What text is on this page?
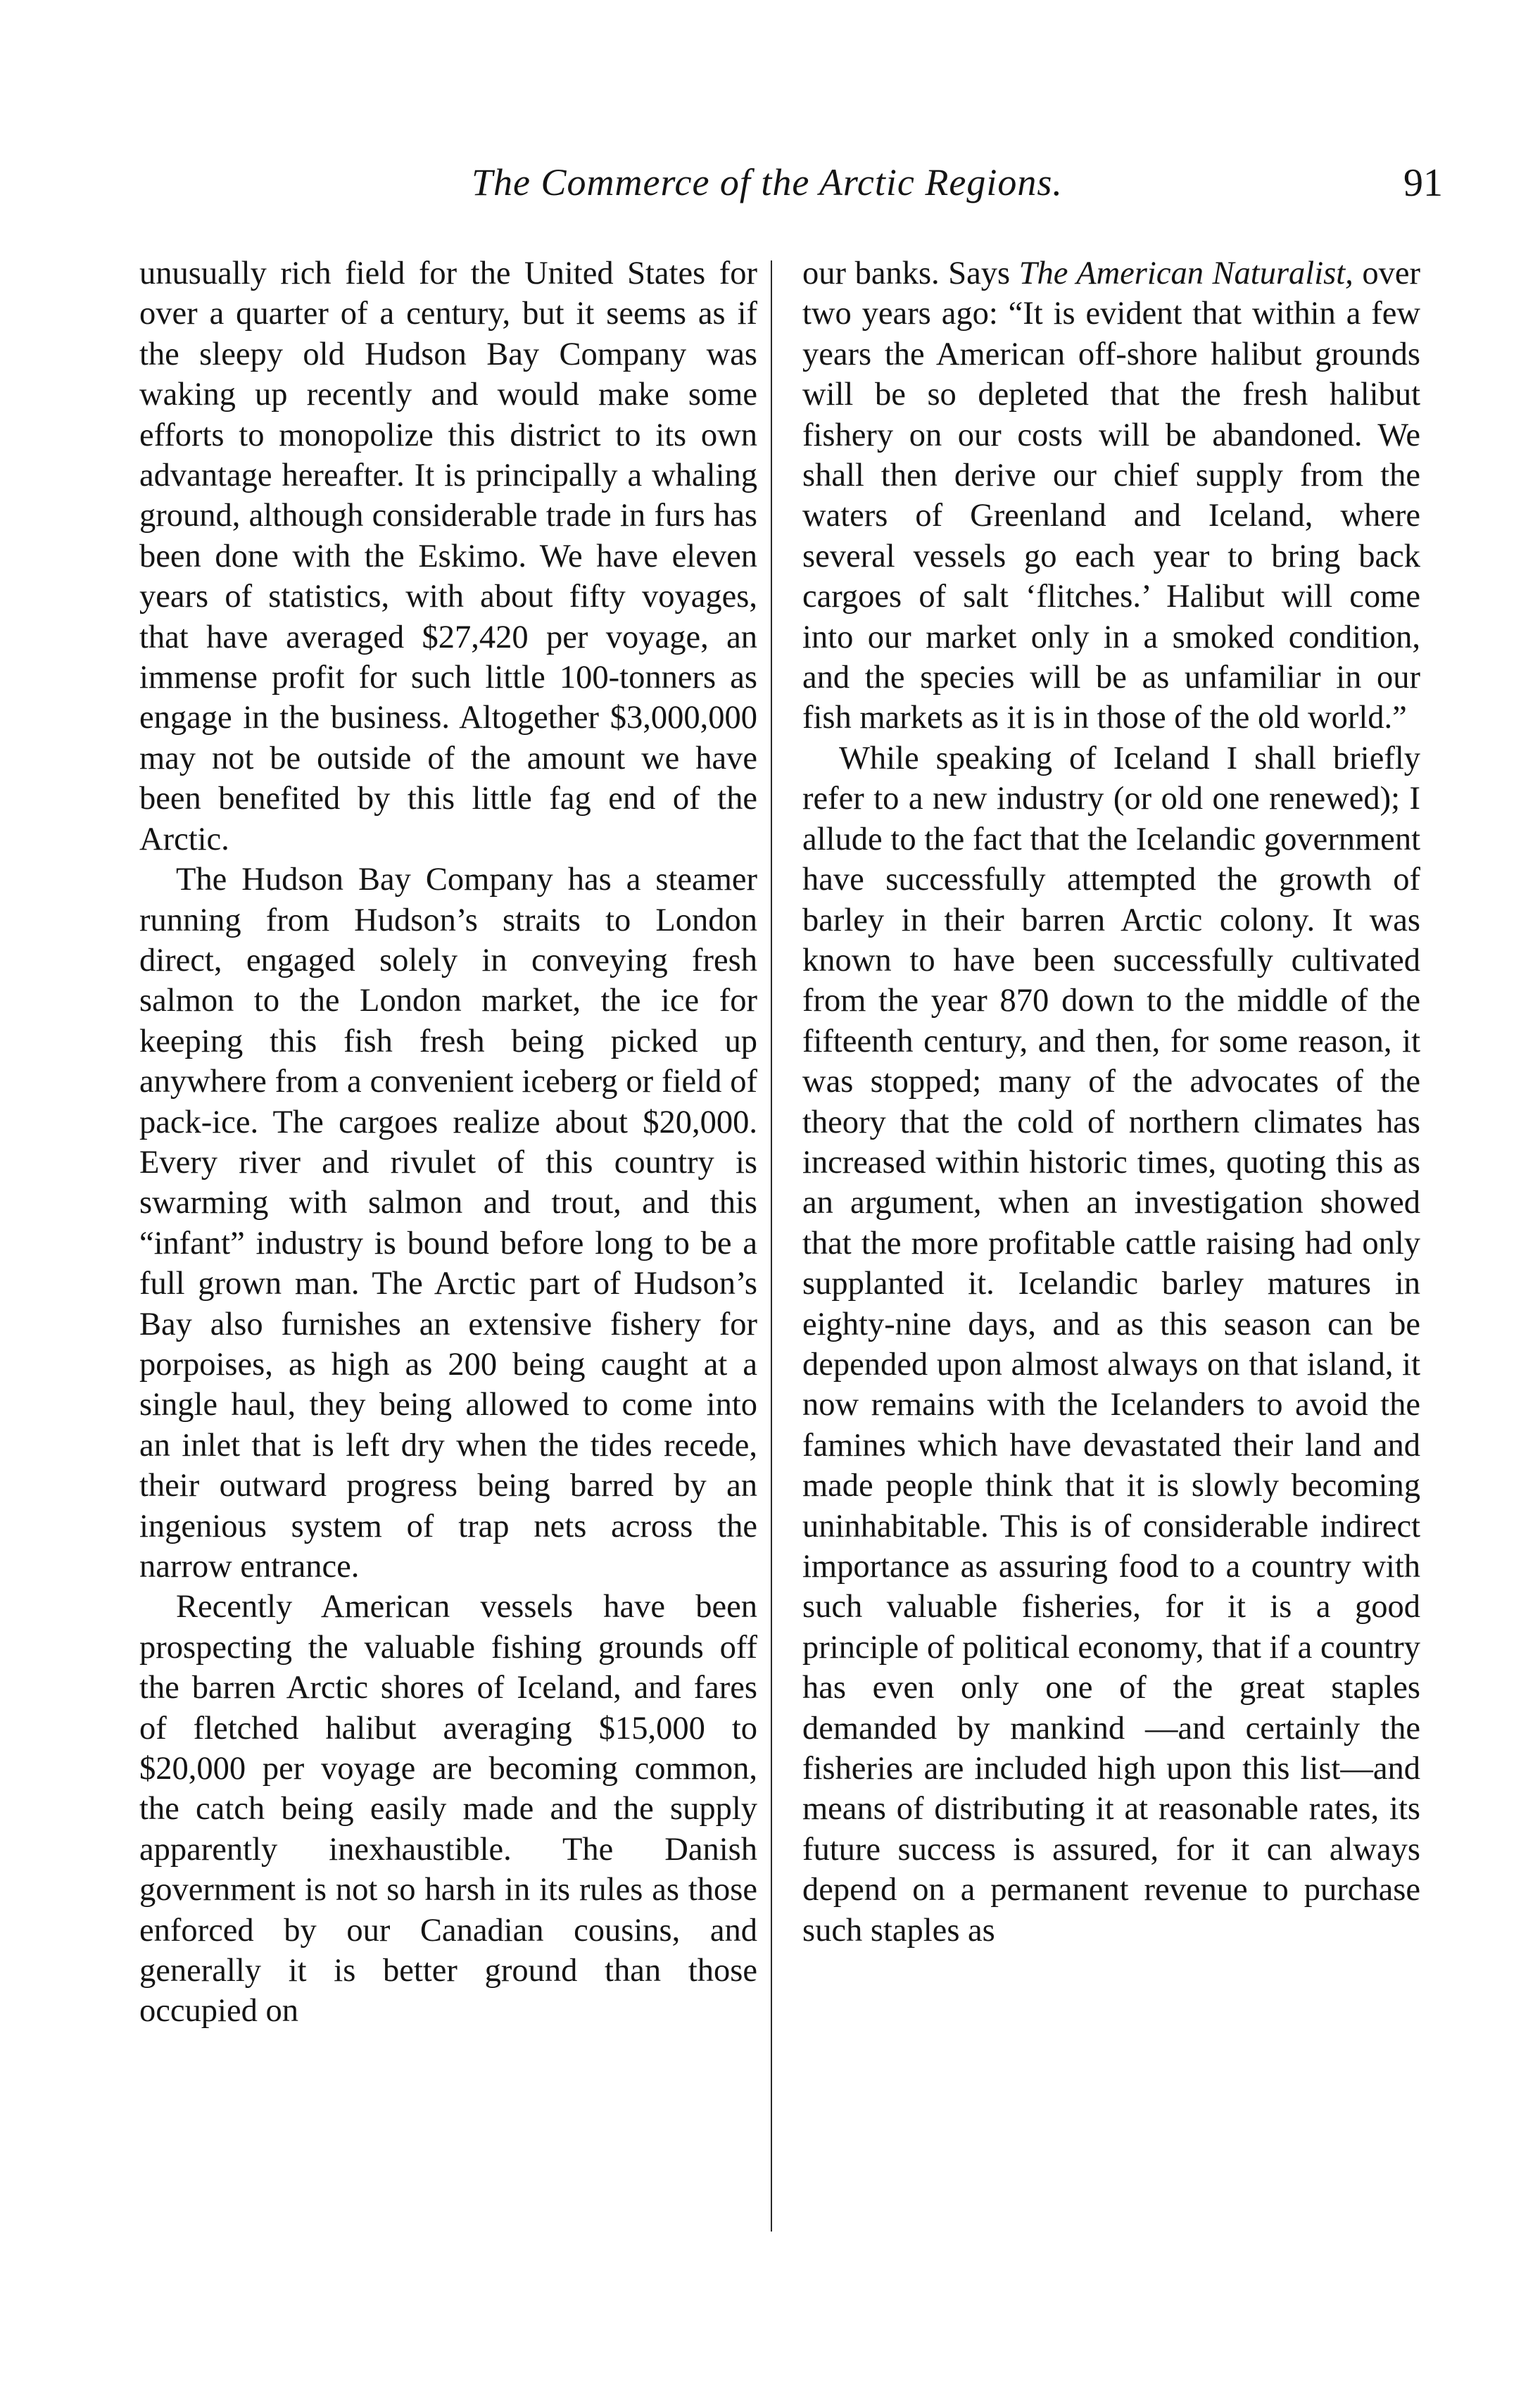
The Commerce of the Arctic Regions.	91

unusually rich field for the United States for over a quarter of a century, but it seems as if the sleepy old Hudson Bay Company was waking up recently and would make some efforts to monopolize this district to its own advantage hereafter. It is principally a whaling ground, although considerable trade in furs has been done with the Eskimo. We have eleven years of statistics, with about fifty voyages, that have averaged $27,420 per voyage, an immense profit for such little 100-tonners as engage in the business. Altogether $3,000,000 may not be outside of the amount we have been benefited by this little fag end of the Arctic.

The Hudson Bay Company has a steamer running from Hudson’s straits to London direct, engaged solely in conveying fresh salmon to the London market, the ice for keeping this fish fresh being picked up anywhere from a convenient iceberg or field of pack-ice. The cargoes realize about $20,000. Every river and rivulet of this country is swarming with salmon and trout, and this “infant” industry is bound before long to be a full grown man. The Arctic part of Hudson’s Bay also furnishes an extensive fishery for porpoises, as high as 200 being caught at a single haul, they being allowed to come into an inlet that is left dry when the tides recede, their outward progress being barred by an ingenious system of trap nets across the narrow entrance.

Recently American vessels have been prospecting the valuable fishing grounds off the barren Arctic shores of Iceland, and fares of fletched halibut averaging $15,000 to $20,000 per voyage are becoming common, the catch being easily made and the supply apparently inexhaustible. The Danish government is not so harsh in its rules as those enforced by our Canadian cousins, and generally it is better ground than those occupied on

our banks. Says The American Naturalist, over two years ago: “It is evident that within a few years the American off-shore halibut grounds will be so depleted that the fresh halibut fishery on our costs will be abandoned. We shall then derive our chief supply from the waters of Greenland and Iceland, where several vessels go each year to bring back cargoes of salt ‘flitches.’ Halibut will come into our market only in a smoked condition, and the species will be as unfamiliar in our fish markets as it is in those of the old world.”

While speaking of Iceland I shall briefly refer to a new industry (or old one renewed); I allude to the fact that the Icelandic government have successfully attempted the growth of barley in their barren Arctic colony. It was known to have been successfully cultivated from the year 870 down to the middle of the fifteenth century, and then, for some reason, it was stopped; many of the advocates of the theory that the cold of northern climates has increased within historic times, quoting this as an argument, when an investigation showed that the more profitable cattle raising had only supplanted it. Icelandic barley matures in eighty-nine days, and as this season can be depended upon almost always on that island, it now remains with the Icelanders to avoid the famines which have devastated their land and made people think that it is slowly becoming uninhabitable. This is of considerable indirect importance as assuring food to a country with such valuable fisheries, for it is a good principle of political economy, that if a country has even only one of the great staples demanded by mankind —and certainly the fisheries are included high upon this list—and means of distributing it at reasonable rates, its future success is assured, for it can always depend on a permanent revenue to purchase such staples as
